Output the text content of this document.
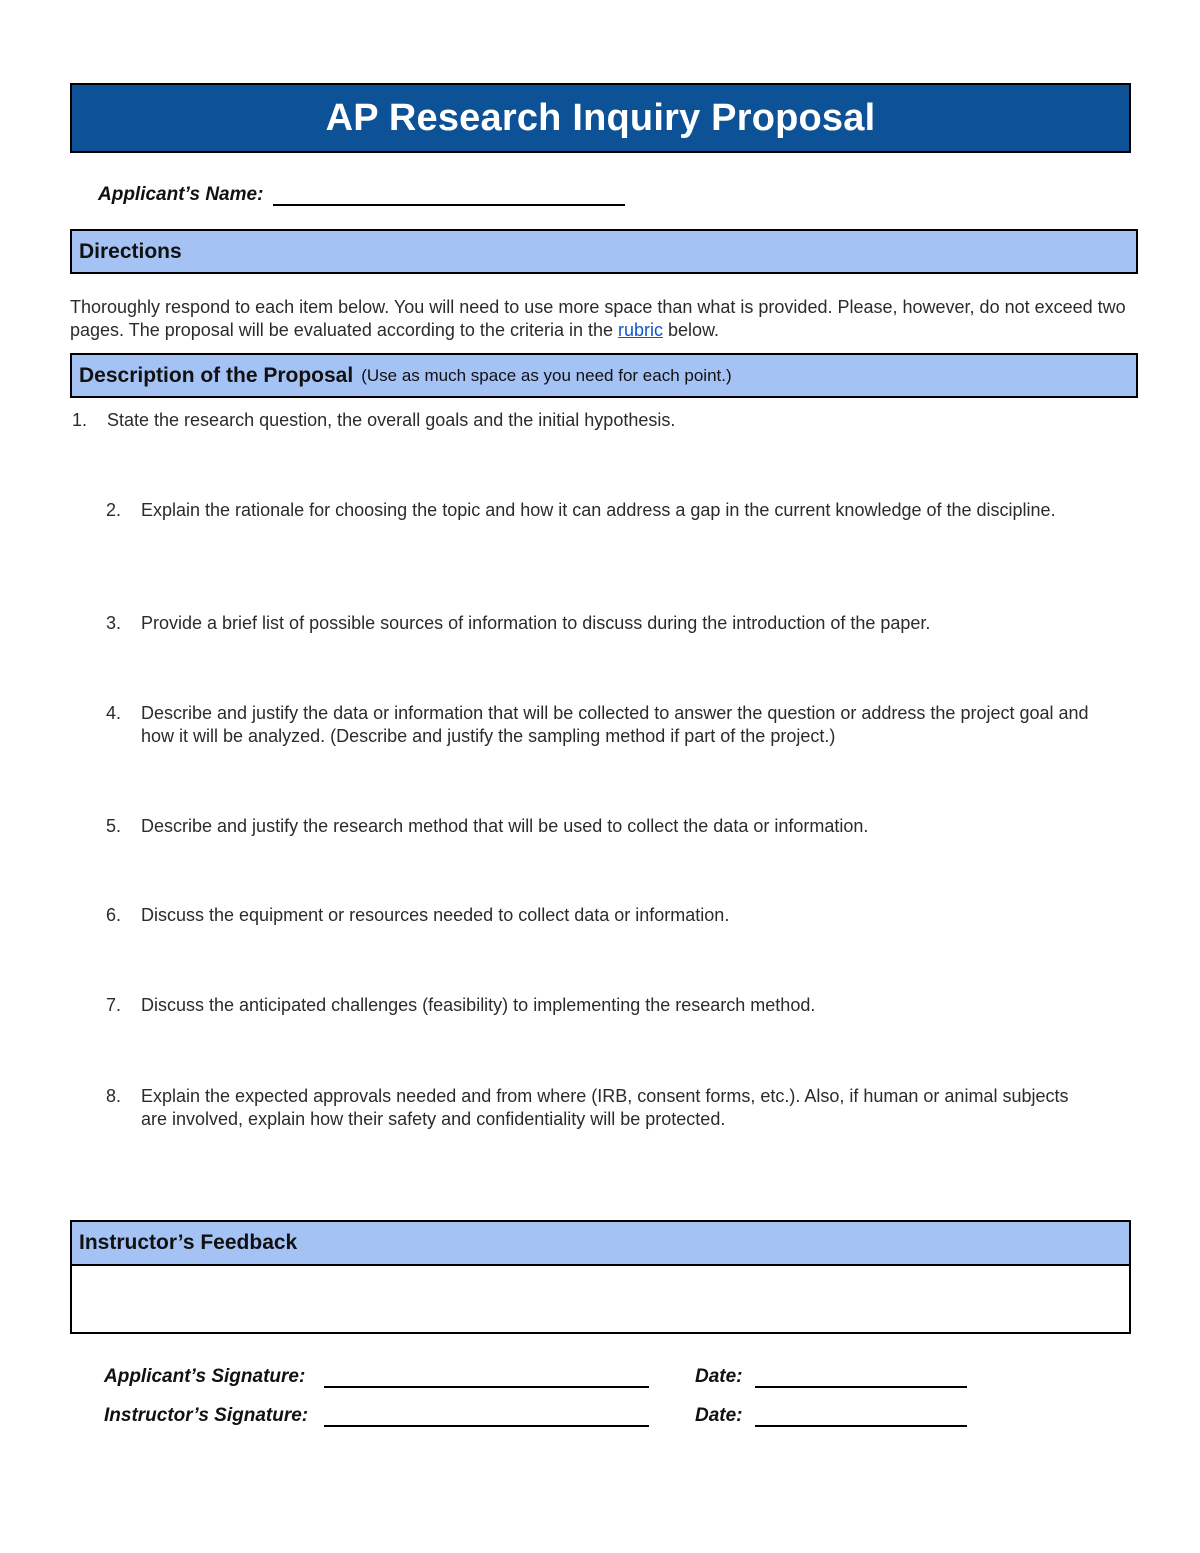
AP Research Inquiry Proposal
Applicant’s Name:
Directions
Thoroughly respond to each item below. You will need to use more space than what is provided. Please, however, do not exceed two pages. The proposal will be evaluated according to the criteria in the rubric below.
Description of the Proposal (Use as much space as you need for each point.)
1.	State the research question, the overall goals and the initial hypothesis.
2.	Explain the rationale for choosing the topic and how it can address a gap in the current knowledge of the discipline.
3.	Provide a brief list of possible sources of information to discuss during the introduction of the paper.
4.	Describe and justify the data or information that will be collected to answer the question or address the project goal and how it will be analyzed. (Describe and justify the sampling method if part of the project.)
5.	Describe and justify the research method that will be used to collect the data or information.
6.	Discuss the equipment or resources needed to collect data or information.
7.	Discuss the anticipated challenges (feasibility) to implementing the research method.
8.	Explain the expected approvals needed and from where (IRB, consent forms, etc.). Also, if human or animal subjects are involved, explain how their safety and confidentiality will be protected.
Instructor’s Feedback
Applicant’s Signature:	Date:
Instructor’s Signature:	Date:
